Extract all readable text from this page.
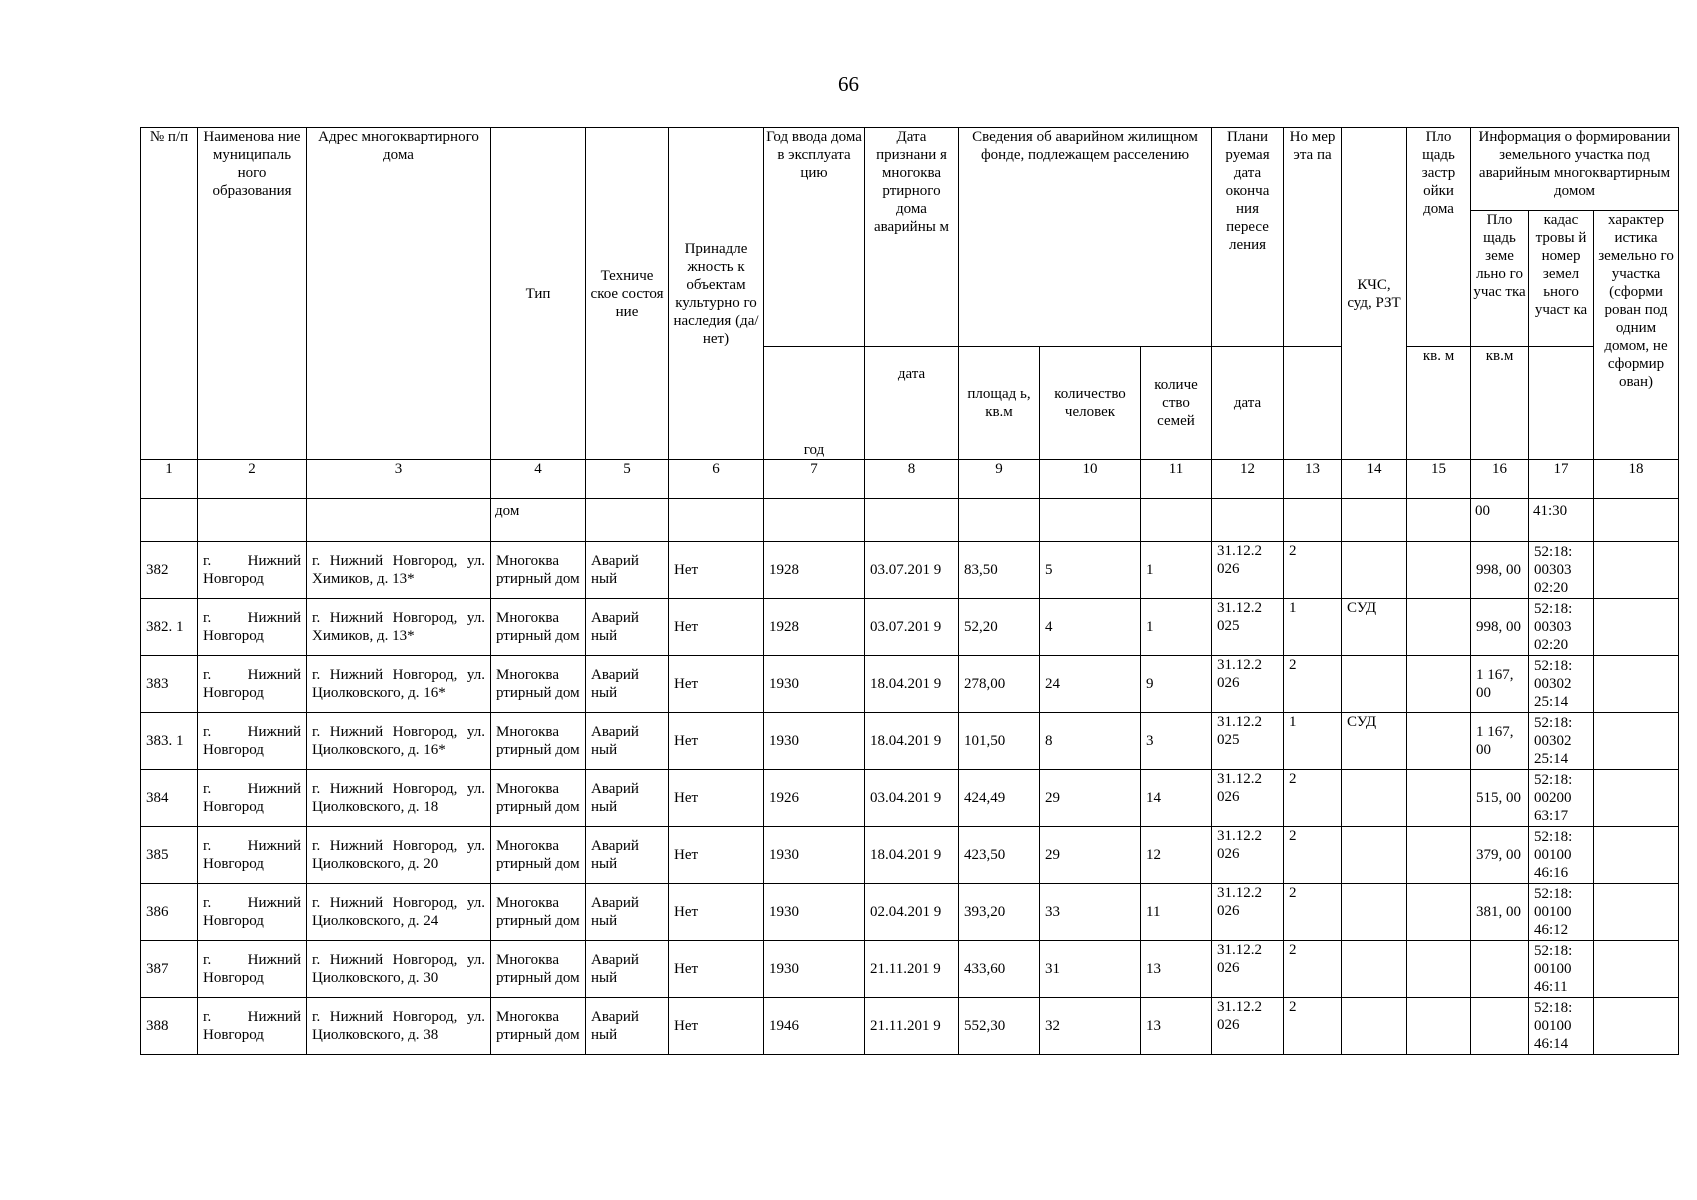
66
№ п/п	Наименова ние муниципаль ного образования	Адрес многоквартирного дома	Тип	Техниче ское состоя ние	Принадле жность к объектам культурно го наследия (да/нет)	Год ввода дома в эксплуата цию	Дата признани я многоква ртирного дома аварийны м	Сведения об аварийном жилищном фонде, подлежащем расселению			Плани руемая дата оконча ния пересе ления	Но мер эта па	КЧС, суд, РЗТ	Пло щадь застр ойки дома	Информация о формировании земельного участка под аварийным многоквартирным домом		
															Пло щадь земе льно го учас тка	кадас тровы й номер земел ьного участ ка	характер истика земельно го участка (сформи рован под одним домом, не сформир ован)
						год	дата	площад ь, кв.м	количество человек	количе ство семей	дата			кв. м	кв.м		
1	2	3	4	5	6	7	8	9	10	11	12	13	14	15	16	17	18
			дом												00	41:30	
382	г. Нижний Новгород	г. Нижний Новгород, ул. Химиков, д. 13*	Многоква ртирный дом	Аварий ный	Нет	1928	03.07.201 9	83,50	5	1	31.12.2 026	2			998, 00	52:18: 00303 02:20	
382. 1	г. Нижний Новгород	г. Нижний Новгород, ул. Химиков, д. 13*	Многоква ртирный дом	Аварий ный	Нет	1928	03.07.201 9	52,20	4	1	31.12.2 025	1	СУД		998, 00	52:18: 00303 02:20	
383	г. Нижний Новгород	г. Нижний Новгород, ул. Циолковского, д. 16*	Многоква ртирный дом	Аварий ный	Нет	1930	18.04.201 9	278,00	24	9	31.12.2 026	2			1 167, 00	52:18: 00302 25:14	
383. 1	г. Нижний Новгород	г. Нижний Новгород, ул. Циолковского, д. 16*	Многоква ртирный дом	Аварий ный	Нет	1930	18.04.201 9	101,50	8	3	31.12.2 025	1	СУД		1 167, 00	52:18: 00302 25:14	
384	г. Нижний Новгород	г. Нижний Новгород, ул. Циолковского, д. 18	Многоква ртирный дом	Аварий ный	Нет	1926	03.04.201 9	424,49	29	14	31.12.2 026	2			515, 00	52:18: 00200 63:17	
385	г. Нижний Новгород	г. Нижний Новгород, ул. Циолковского, д. 20	Многоква ртирный дом	Аварий ный	Нет	1930	18.04.201 9	423,50	29	12	31.12.2 026	2			379, 00	52:18: 00100 46:16	
386	г. Нижний Новгород	г. Нижний Новгород, ул. Циолковского, д. 24	Многоква ртирный дом	Аварий ный	Нет	1930	02.04.201 9	393,20	33	11	31.12.2 026	2			381, 00	52:18: 00100 46:12	
387	г. Нижний Новгород	г. Нижний Новгород, ул. Циолковского, д. 30	Многоква ртирный дом	Аварий ный	Нет	1930	21.11.201 9	433,60	31	13	31.12.2 026	2				52:18: 00100 46:11	
388	г. Нижний Новгород	г. Нижний Новгород, ул. Циолковского, д. 38	Многоква ртирный дом	Аварий ный	Нет	1946	21.11.201 9	552,30	32	13	31.12.2 026	2				52:18: 00100 46:14	
